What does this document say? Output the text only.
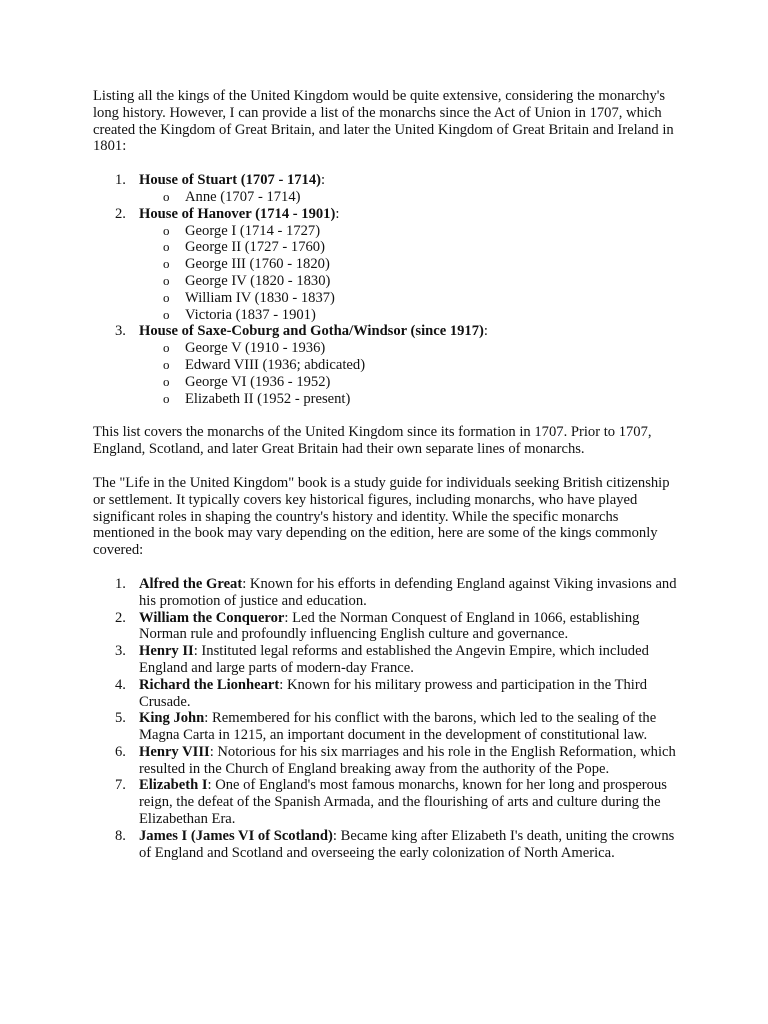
Listing all the kings of the United Kingdom would be quite extensive, considering the monarchy's long history. However, I can provide a list of the monarchs since the Act of Union in 1707, which created the Kingdom of Great Britain, and later the United Kingdom of Great Britain and Ireland in 1801:

1. House of Stuart (1707 - 1714):
o Anne (1707 - 1714)
2. House of Hanover (1714 - 1901):
o George I (1714 - 1727)
o George II (1727 - 1760)
o George III (1760 - 1820)
o George IV (1820 - 1830)
o William IV (1830 - 1837)
o Victoria (1837 - 1901)
3. House of Saxe-Coburg and Gotha/Windsor (since 1917):
o George V (1910 - 1936)
o Edward VIII (1936; abdicated)
o George VI (1936 - 1952)
o Elizabeth II (1952 - present)

This list covers the monarchs of the United Kingdom since its formation in 1707. Prior to 1707, England, Scotland, and later Great Britain had their own separate lines of monarchs.

The "Life in the United Kingdom" book is a study guide for individuals seeking British citizenship or settlement. It typically covers key historical figures, including monarchs, who have played significant roles in shaping the country's history and identity. While the specific monarchs mentioned in the book may vary depending on the edition, here are some of the kings commonly covered:

1. Alfred the Great: Known for his efforts in defending England against Viking invasions and his promotion of justice and education.
2. William the Conqueror: Led the Norman Conquest of England in 1066, establishing Norman rule and profoundly influencing English culture and governance.
3. Henry II: Instituted legal reforms and established the Angevin Empire, which included England and large parts of modern-day France.
4. Richard the Lionheart: Known for his military prowess and participation in the Third Crusade.
5. King John: Remembered for his conflict with the barons, which led to the sealing of the Magna Carta in 1215, an important document in the development of constitutional law.
6. Henry VIII: Notorious for his six marriages and his role in the English Reformation, which resulted in the Church of England breaking away from the authority of the Pope.
7. Elizabeth I: One of England's most famous monarchs, known for her long and prosperous reign, the defeat of the Spanish Armada, and the flourishing of arts and culture during the Elizabethan Era.
8. James I (James VI of Scotland): Became king after Elizabeth I's death, uniting the crowns of England and Scotland and overseeing the early colonization of North America.
